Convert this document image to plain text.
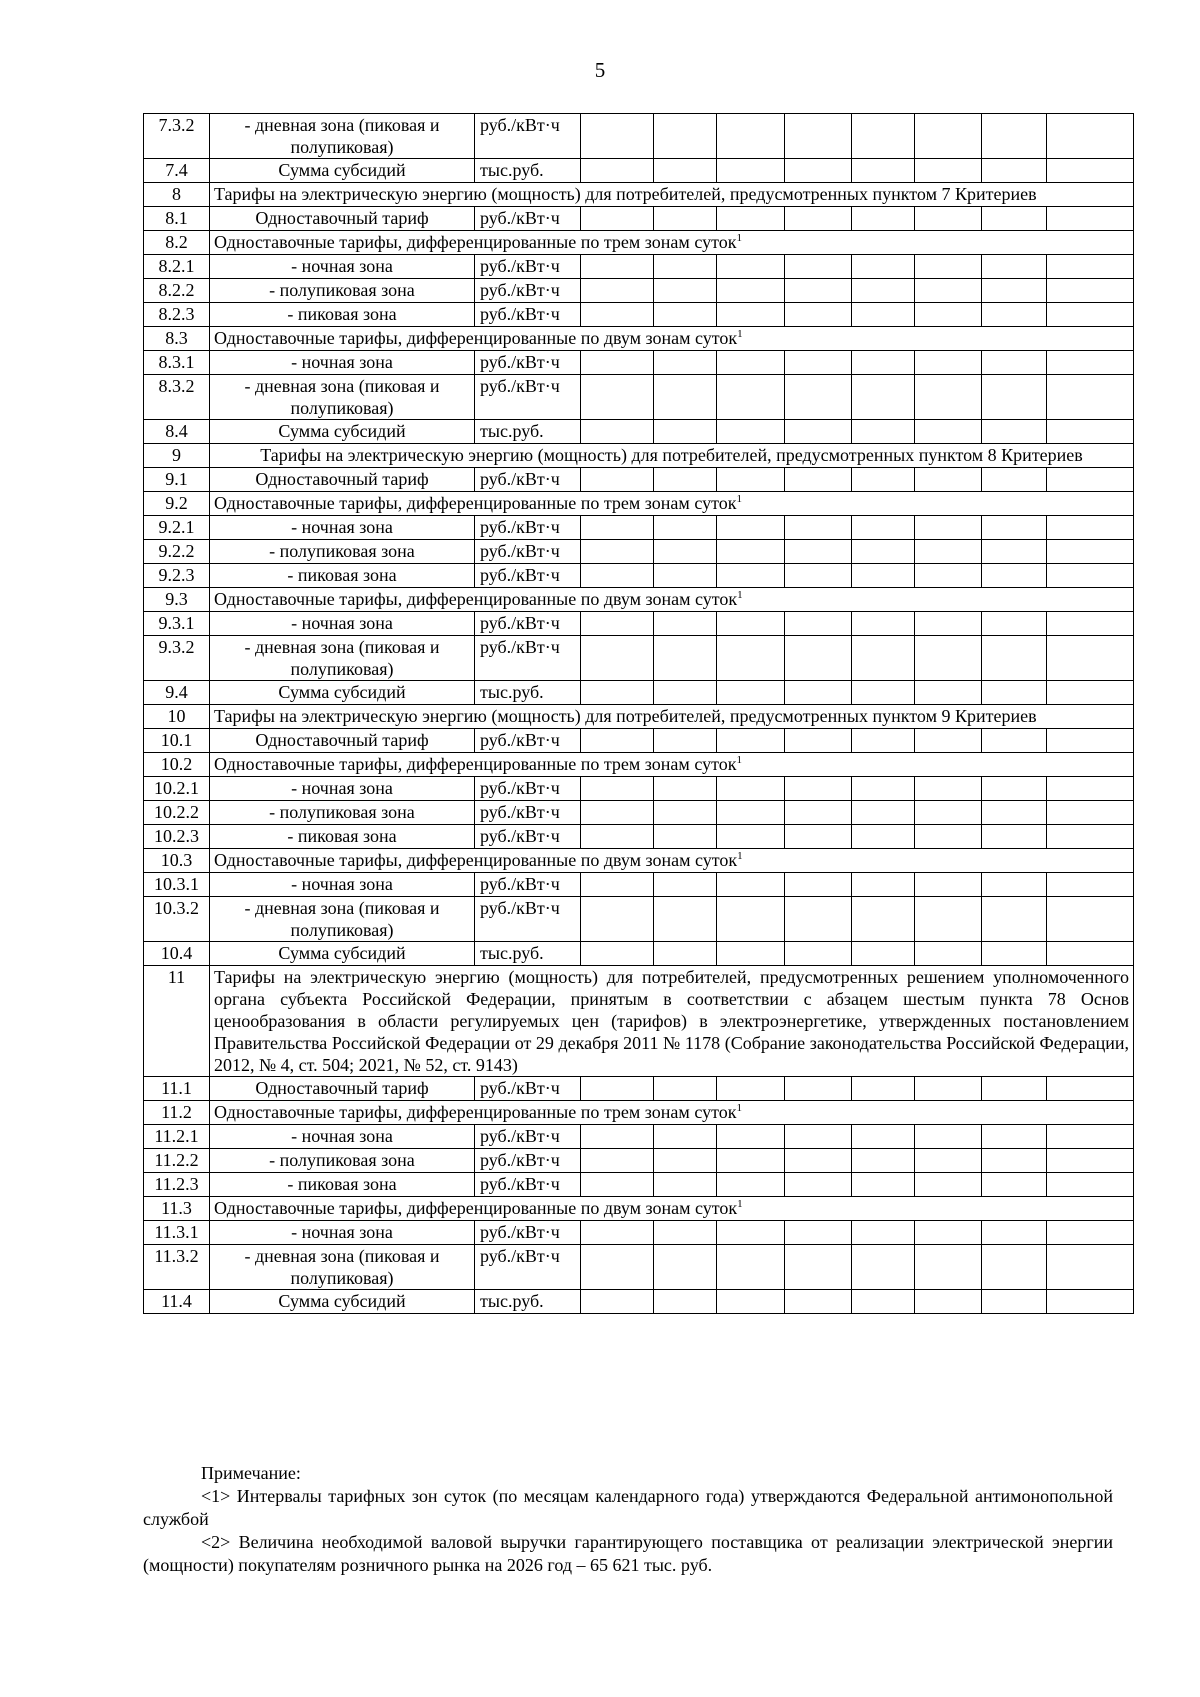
5
7.3.2	- дневная зона (пиковая и полупиковая)	руб./кВт·ч								
7.4	Сумма субсидий	тыс.руб.								
8	Тарифы на электрическую энергию (мощность) для потребителей, предусмотренных пунктом 7 Критериев									
8.1	Одноставочный тариф	руб./кВт·ч								
8.2	Одноставочные тарифы, дифференцированные по трем зонам суток$^1$
8.2.1	- ночная зона	руб./кВт·ч								
8.2.2	- полупиковая зона	руб./кВт·ч								
8.2.3	- пиковая зона	руб./кВт·ч								
8.3	Одноставочные тарифы, дифференцированные по двум зонам суток$^1$
8.3.1	- ночная зона	руб./кВт·ч								
8.3.2	- дневная зона (пиковая и полупиковая)	руб./кВт·ч								
8.4	Сумма субсидий	тыс.руб.								
9	Тарифы на электрическую энергию (мощность) для потребителей, предусмотренных пунктом 8 Критериев									
9.1	Одноставочный тариф	руб./кВт·ч								
9.2	Одноставочные тарифы, дифференцированные по трем зонам суток$^1$
9.2.1	- ночная зона	руб./кВт·ч								
9.2.2	- полупиковая зона	руб./кВт·ч								
9.2.3	- пиковая зона	руб./кВт·ч								
9.3	Одноставочные тарифы, дифференцированные по двум зонам суток$^1$
9.3.1	- ночная зона	руб./кВт·ч								
9.3.2	- дневная зона (пиковая и полупиковая)	руб./кВт·ч								
9.4	Сумма субсидий	тыс.руб.								
10	Тарифы на электрическую энергию (мощность) для потребителей, предусмотренных пунктом 9 Критериев									
10.1	Одноставочный тариф	руб./кВт·ч								
10.2	Одноставочные тарифы, дифференцированные по трем зонам суток$^1$
10.2.1	- ночная зона	руб./кВт·ч								
10.2.2	- полупиковая зона	руб./кВт·ч								
10.2.3	- пиковая зона	руб./кВт·ч								
10.3	Одноставочные тарифы, дифференцированные по двум зонам суток$^1$
10.3.1	- ночная зона	руб./кВт·ч								
10.3.2	- дневная зона (пиковая и полупиковая)	руб./кВт·ч								
10.4	Сумма субсидий	тыс.руб.								
11	Тарифы на электрическую энергию (мощность) для потребителей, предусмотренных решением уполномоченного органа субъекта Российской Федерации, принятым в соответствии с абзацем шестым пункта 78 Основ ценообразования в области регулируемых цен (тарифов) в электроэнергетике, утвержденных постановлением Правительства Российской Федерации от 29 декабря 2011 № 1178 (Собрание законодательства Российской Федерации, 2012, № 4, ст. 504; 2021, № 52, ст. 9143)									
11.1	Одноставочный тариф	руб./кВт·ч								
11.2	Одноставочные тарифы, дифференцированные по трем зонам суток$^1$
11.2.1	- ночная зона	руб./кВт·ч								
11.2.2	- полупиковая зона	руб./кВт·ч								
11.2.3	- пиковая зона	руб./кВт·ч								
11.3	Одноставочные тарифы, дифференцированные по двум зонам суток$^1$
11.3.1	- ночная зона	руб./кВт·ч								
11.3.2	- дневная зона (пиковая и полупиковая)	руб./кВт·ч								
11.4	Сумма субсидий	тыс.руб.								

Примечание:

<1> Интервалы тарифных зон суток (по месяцам календарного года) утверждаются Федеральной антимонопольной службой

<2> Величина необходимой валовой выручки гарантирующего поставщика от реализации электрической энергии (мощности) покупателям розничного рынка на 2026 год – 65 621 тыс. руб.
